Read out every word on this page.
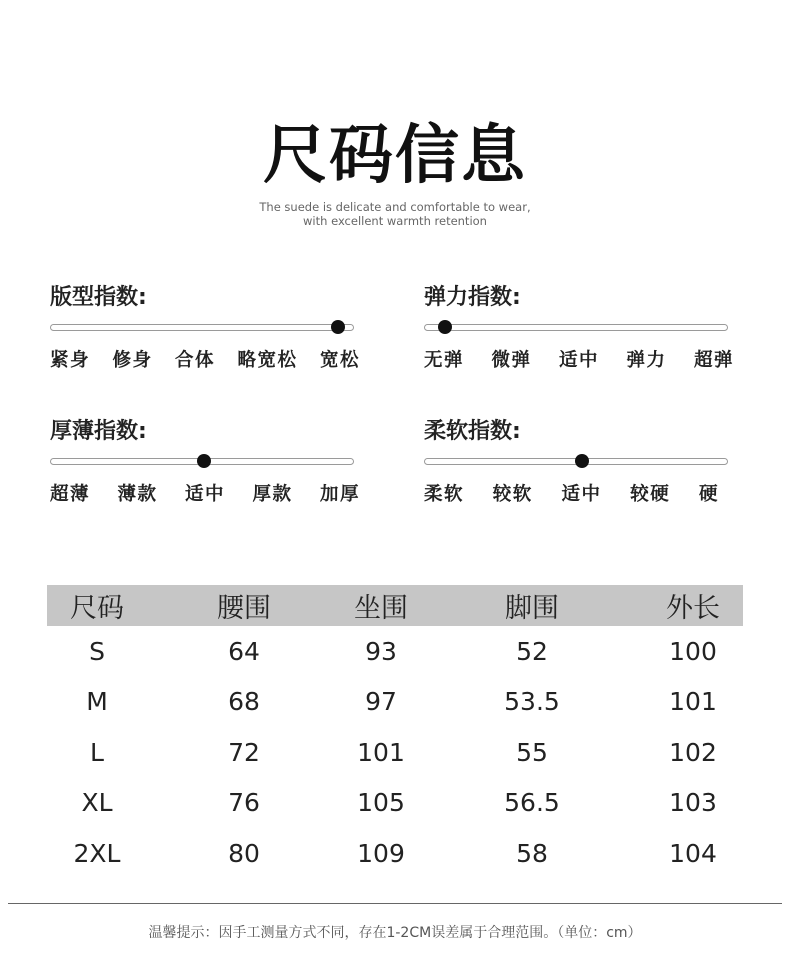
尺码信息
The suede is delicate and comfortable to wear,
with excellent warmth retention
版型指数:
紧身 修身 合体 略宽松 宽松
弹力指数:
无弹 微弹 适中 弹力 超弹
厚薄指数:
超薄 薄款 适中 厚款 加厚
柔软指数:
柔软 较软 适中 较硬 硬
尺码	腰围	坐围	脚围	外长
S	64	93	52	100
M	68	97	53.5	101
L	72	101	55	102
XL	76	105	56.5	103
2XL	80	109	58	104
温馨提示：因手工测量方式不同，存在1-2CM误差属于合理范围。（单位：cm）
